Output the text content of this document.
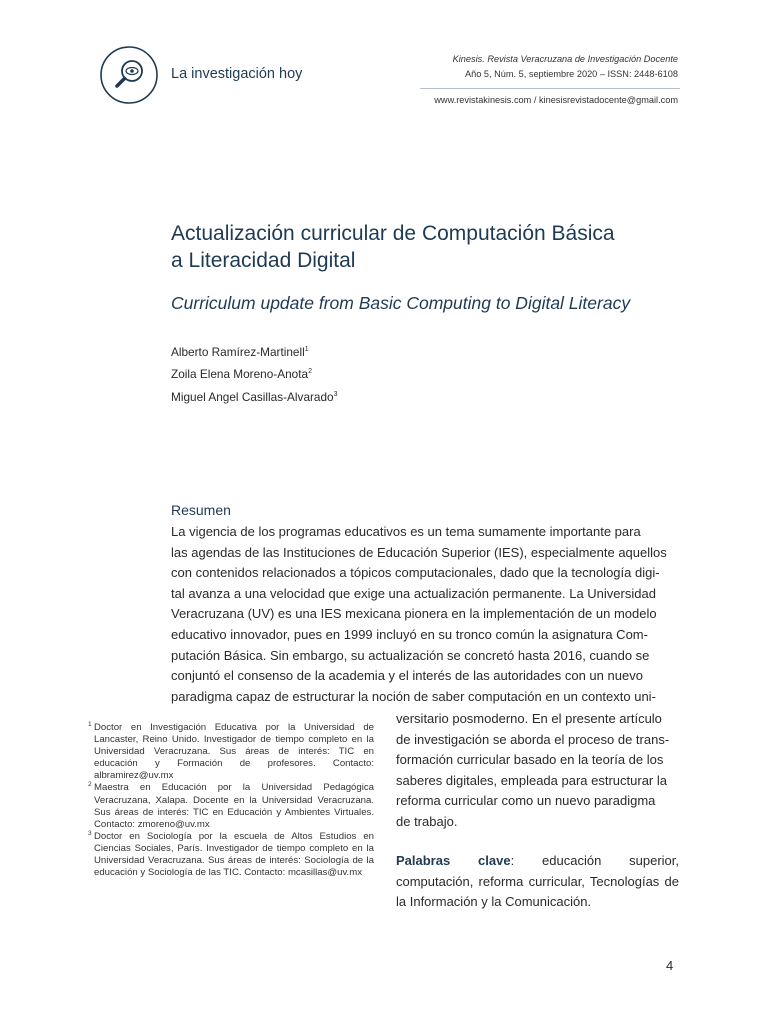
La investigación hoy
Kinesis. Revista Veracruzana de Investigación Docente
Año 5, Núm. 5, septiembre 2020 – ISSN: 2448-6108
www.revistakinesis.com / kinesisrevistadocente@gmail.com
Actualización curricular de Computación Básica
a Literacidad Digital
Curriculum update from Basic Computing to Digital Literacy
Alberto Ramírez-Martinell$^1$
Zoila Elena Moreno-Anota$^2$
Miguel Angel Casillas-Alvarado$^3$
Resumen
La vigencia de los programas educativos es un tema sumamente importante para
las agendas de las Instituciones de Educación Superior (IES), especialmente aquellos
con contenidos relacionados a tópicos computacionales, dado que la tecnología digi-
tal avanza a una velocidad que exige una actualización permanente. La Universidad
Veracruzana (UV) es una IES mexicana pionera en la implementación de un modelo
educativo innovador, pues en 1999 incluyó en su tronco común la asignatura Com-
putación Básica. Sin embargo, su actualización se concretó hasta 2016, cuando se
conjuntó el consenso de la academia y el interés de las autoridades con un nuevo
paradigma capaz de estructurar la noción de saber computación en un contexto uni-
versitario posmoderno. En el presente artículo
de investigación se aborda el proceso de trans-
formación curricular basado en la teoría de los
saberes digitales, empleada para estructurar la
reforma curricular como un nuevo paradigma
de trabajo.
Palabras clave: educación superior, computación, reforma curricular, Tecnologías de la Información y la Comunicación.

1 Doctor en Investigación Educativa por la Universidad de Lancaster, Reino Unido. Investigador de tiempo completo en la Universidad Veracruzana. Sus áreas de interés: TIC en educación y Formación de profesores. Contacto: albramirez@uv.mx

2 Maestra en Educación por la Universidad Pedagógica Veracruzana, Xalapa. Docente en la Universidad Veracruzana. Sus áreas de interés: TIC en Educación y Ambientes Virtuales. Contacto: zmoreno@uv.mx

3 Doctor en Sociología por la escuela de Altos Estudios en Ciencias Sociales, París. Investigador de tiempo completo en la Universidad Veracruzana. Sus áreas de interés: Sociología de la educación y Sociología de las TIC. Contacto: mcasillas@uv.mx

4
